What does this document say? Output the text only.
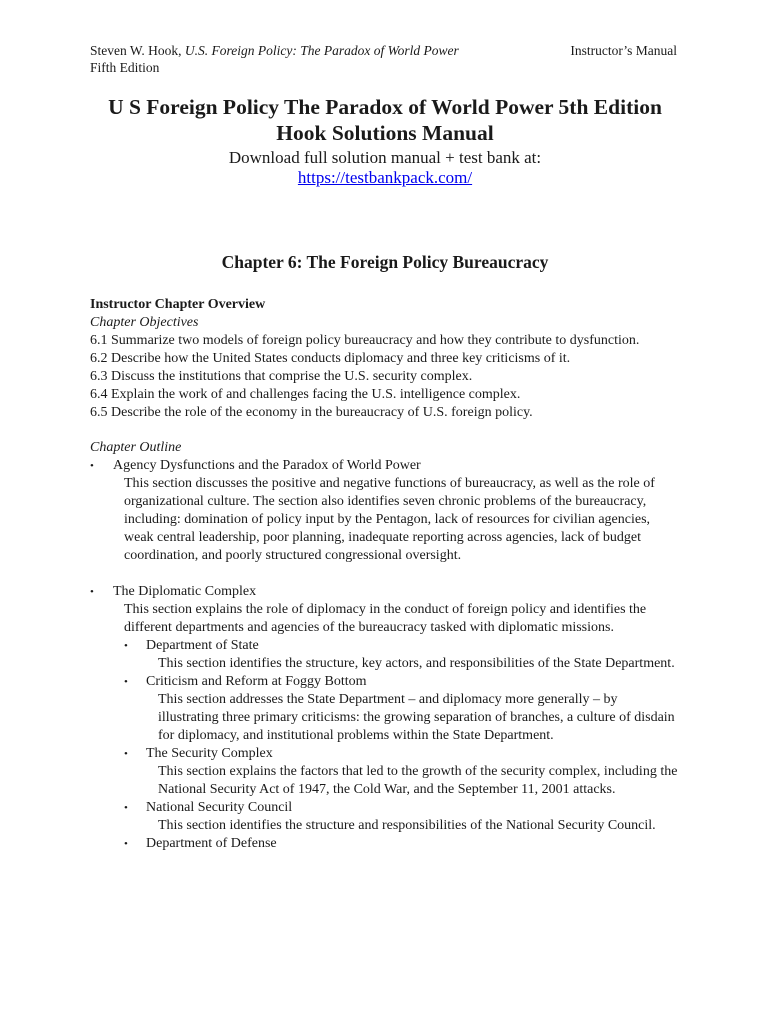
Steven W. Hook, U.S. Foreign Policy: The Paradox of World Power
Fifth Edition
Instructor’s Manual
U S Foreign Policy The Paradox of World Power 5th Edition
Hook Solutions Manual
Download full solution manual + test bank at:
https://testbankpack.com/
Chapter 6: The Foreign Policy Bureaucracy
Instructor Chapter Overview
Chapter Objectives
6.1 Summarize two models of foreign policy bureaucracy and how they contribute to dysfunction.
6.2 Describe how the United States conducts diplomacy and three key criticisms of it.
6.3 Discuss the institutions that comprise the U.S. security complex.
6.4 Explain the work of and challenges facing the U.S. intelligence complex.
6.5 Describe the role of the economy in the bureaucracy of U.S. foreign policy.
Chapter Outline
•	Agency Dysfunctions and the Paradox of World Power
This section discusses the positive and negative functions of bureaucracy, as well as the role of organizational culture. The section also identifies seven chronic problems of the bureaucracy, including: domination of policy input by the Pentagon, lack of resources for civilian agencies, weak central leadership, poor planning, inadequate reporting across agencies, lack of budget coordination, and poorly structured congressional oversight.
•	The Diplomatic Complex
This section explains the role of diplomacy in the conduct of foreign policy and identifies the different departments and agencies of the bureaucracy tasked with diplomatic missions.
•	Department of State
This section identifies the structure, key actors, and responsibilities of the State Department.
•	Criticism and Reform at Foggy Bottom
This section addresses the State Department – and diplomacy more generally – by illustrating three primary criticisms: the growing separation of branches, a culture of disdain for diplomacy, and institutional problems within the State Department.
•	The Security Complex
This section explains the factors that led to the growth of the security complex, including the National Security Act of 1947, the Cold War, and the September 11, 2001 attacks.
•	National Security Council
This section identifies the structure and responsibilities of the National Security Council.
•	Department of Defense
